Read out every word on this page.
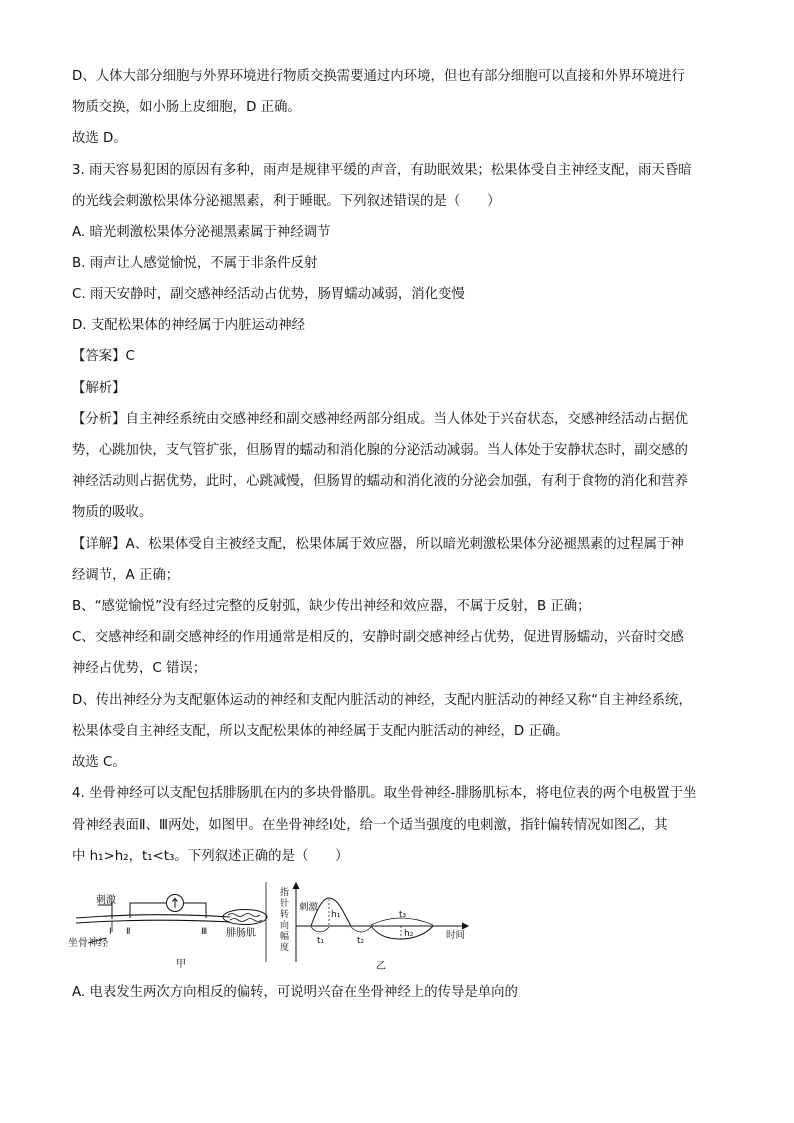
D、人体大部分细胞与外界环境进行物质交换需要通过内环境，但也有部分细胞可以直接和外界环境进行
物质交换，如小肠上皮细胞，D 正确。
故选 D。
3. 雨天容易犯困的原因有多种，雨声是规律平缓的声音，有助眠效果；松果体受自主神经支配，雨天昏暗
的光线会刺激松果体分泌褪黑素，利于睡眠。下列叙述错误的是（　　）
A. 暗光刺激松果体分泌褪黑素属于神经调节
B. 雨声让人感觉愉悦，不属于非条件反射
C. 雨天安静时，副交感神经活动占优势，肠胃蠕动减弱，消化变慢
D. 支配松果体的神经属于内脏运动神经
【答案】C
【解析】
【分析】自主神经系统由交感神经和副交感神经两部分组成。当人体处于兴奋状态，交感神经活动占据优
势，心跳加快，支气管扩张，但肠胃的蠕动和消化腺的分泌活动减弱。当人体处于安静状态时，副交感的
神经活动则占据优势，此时，心跳减慢，但肠胃的蠕动和消化液的分泌会加强，有利于食物的消化和营养
物质的吸收。
【详解】A、松果体受自主被经支配，松果体属于效应器，所以暗光刺激松果体分泌褪黑素的过程属于神
经调节，A 正确；
B、“感觉愉悦”没有经过完整的反射弧，缺少传出神经和效应器，不属于反射，B 正确；
C、交感神经和副交感神经的作用通常是相反的，安静时副交感神经占优势，促进胃肠蠕动，兴奋时交感
神经占优势，C 错误；
D、传出神经分为支配躯体运动的神经和支配内脏活动的神经，支配内脏活动的神经又称“自主神经系统，
松果体受自主神经支配，所以支配松果体的神经属于支配内脏活动的神经，D 正确。
故选 C。
4. 坐骨神经可以支配包括腓肠肌在内的多块骨骼肌。取坐骨神经-腓肠肌标本，将电位表的两个电极置于坐
骨神经表面Ⅱ、Ⅲ两处，如图甲。在坐骨神经Ⅰ处，给一个适当强度的电刺激，指针偏转情况如图乙，其
中 h₁>h₂，t₁<t₃。下列叙述正确的是（　　）
刺激
Ⅰ Ⅱ	Ⅲ 腓肠肌
坐骨神经
甲
指
针
转
向
幅
度
刺激
h₁
h₂
t₁	t₂
t₃
时间
乙
A. 电表发生两次方向相反的偏转，可说明兴奋在坐骨神经上的传导是单向的
